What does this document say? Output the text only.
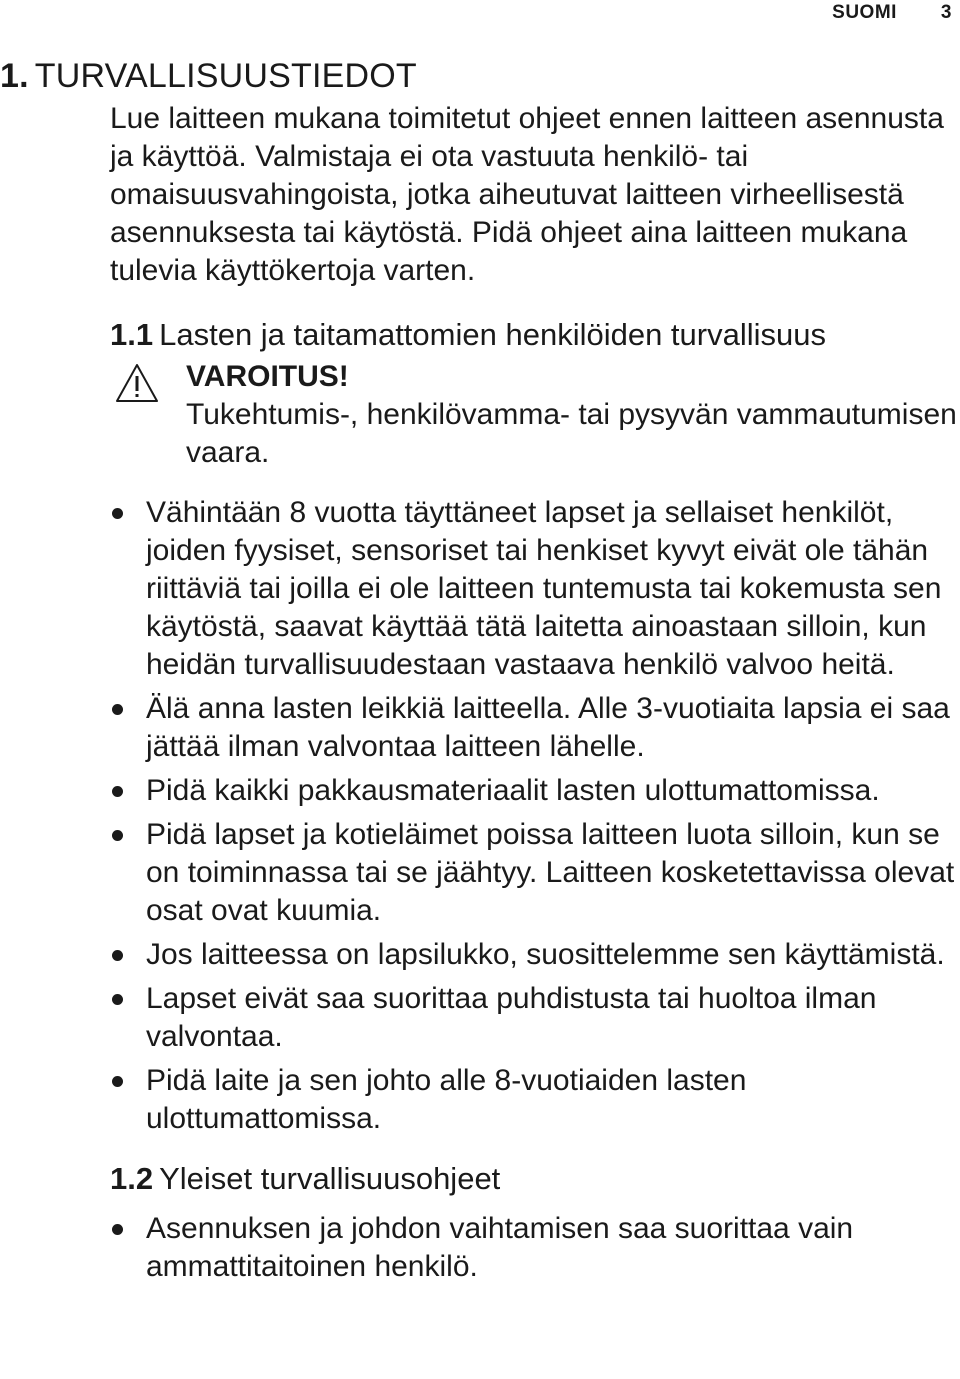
SUOMI 3
1. TURVALLISUUSTIEDOT

Lue laitteen mukana toimitetut ohjeet ennen laitteen asennusta ja käyttöä. Valmistaja ei ota vastuuta henkilö- tai omaisuusvahingoista, jotka aiheutuvat laitteen virheellisestä asennuksesta tai käytöstä. Pidä ohjeet aina laitteen mukana tulevia käyttökertoja varten.

1.1 Lasten ja taitamattomien henkilöiden turvallisuus
VAROITUS!
Tukehtumis-, henkilövamma- tai pysyvän vammautumisen vaara.
Vähintään 8 vuotta täyttäneet lapset ja sellaiset henkilöt, joiden fyysiset, sensoriset tai henkiset kyvyt eivät ole tähän riittäviä tai joilla ei ole laitteen tuntemusta tai kokemusta sen käytöstä, saavat käyttää tätä laitetta ainoastaan silloin, kun heidän turvallisuudestaan vastaava henkilö valvoo heitä.
Älä anna lasten leikkiä laitteella. Alle 3-vuotiaita lapsia ei saa jättää ilman valvontaa laitteen lähelle.
Pidä kaikki pakkausmateriaalit lasten ulottumattomissa.
Pidä lapset ja kotieläimet poissa laitteen luota silloin, kun se on toiminnassa tai se jäähtyy. Laitteen kosketettavissa olevat osat ovat kuumia.
Jos laitteessa on lapsilukko, suosittelemme sen käyttämistä.
Lapset eivät saa suorittaa puhdistusta tai huoltoa ilman valvontaa.
Pidä laite ja sen johto alle 8-vuotiaiden lasten ulottumattomissa.
1.2 Yleiset turvallisuusohjeet
Asennuksen ja johdon vaihtamisen saa suorittaa vain ammattitaitoinen henkilö.
